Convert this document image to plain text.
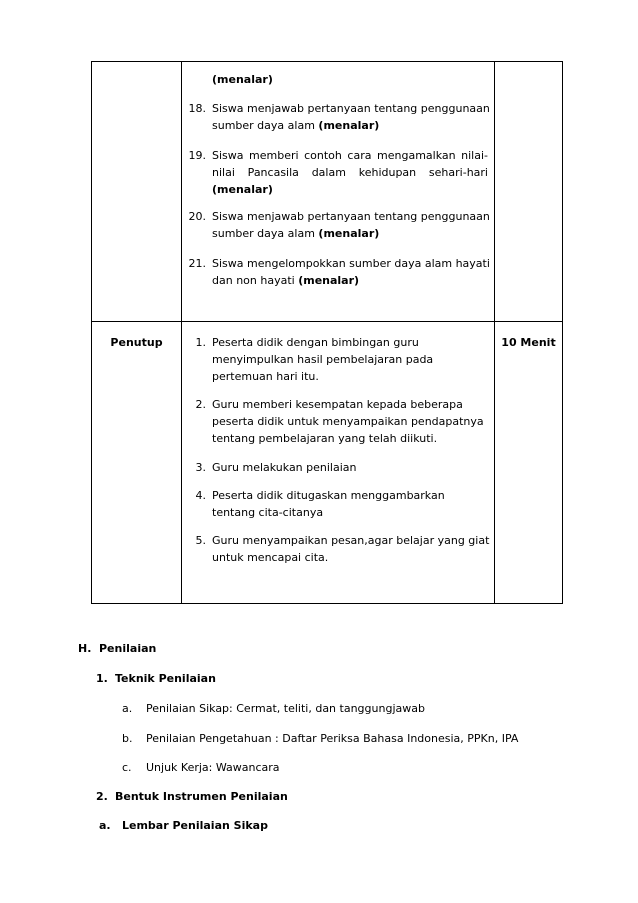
(menalar)
18. Siswa menjawab pertanyaan tentang penggunaan
sumber daya alam (menalar)
19. Siswa memberi contoh cara mengamalkan nilai-
nilai Pancasila dalam kehidupan sehari-hari
(menalar)
20. Siswa menjawab pertanyaan tentang penggunaan
sumber daya alam (menalar)
21. Siswa mengelompokkan sumber daya alam hayati
dan non hayati (menalar)
Penutup	10 Menit
1. Peserta didik dengan bimbingan guru
menyimpulkan hasil pembelajaran pada
pertemuan hari itu.
2. Guru memberi kesempatan kepada beberapa
peserta didik untuk menyampaikan pendapatnya
tentang pembelajaran yang telah diikuti.
3. Guru melakukan penilaian
4. Peserta didik ditugaskan menggambarkan
tentang cita-citanya
5. Guru menyampaikan pesan,agar belajar yang giat
untuk mencapai cita.
H. Penilaian
1. Teknik Penilaian
a. Penilaian Sikap: Cermat, teliti, dan tanggungjawab
b. Penilaian Pengetahuan : Daftar Periksa Bahasa Indonesia, PPKn, IPA
c. Unjuk Kerja: Wawancara
2. Bentuk Instrumen Penilaian
a. Lembar Penilaian Sikap
